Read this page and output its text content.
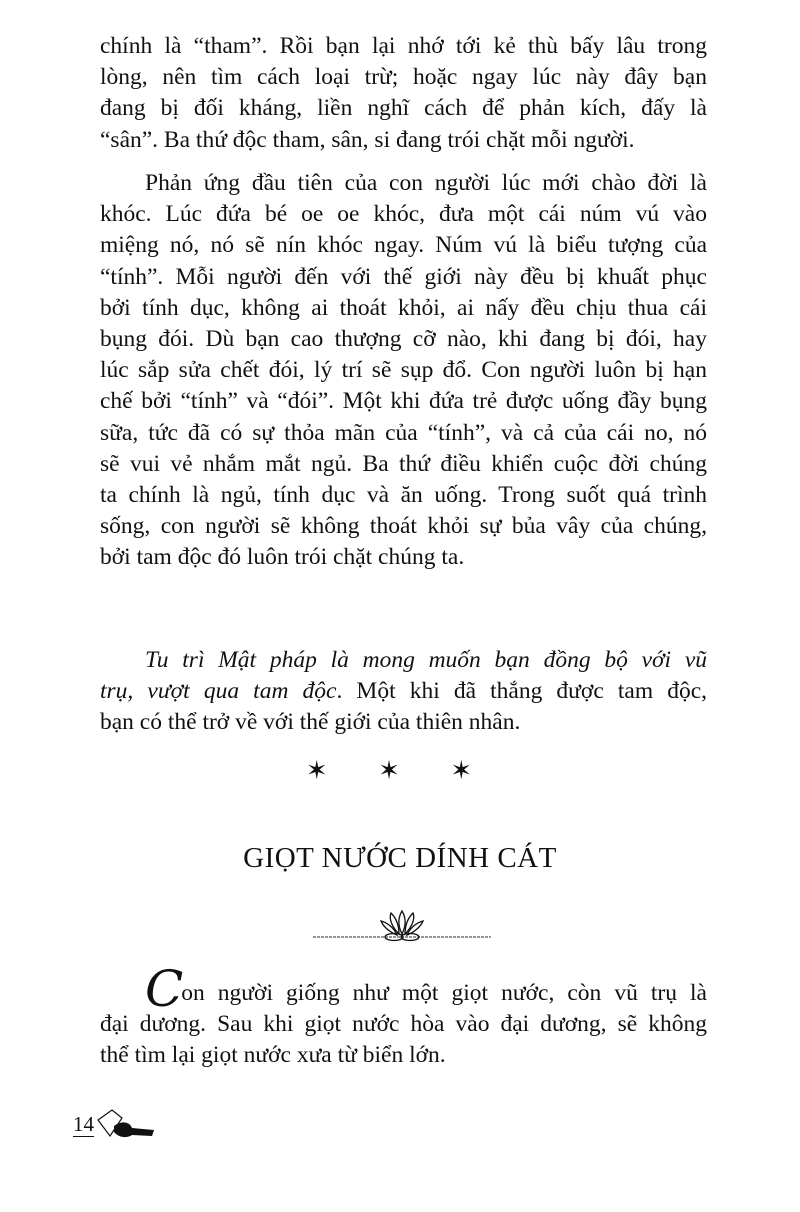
chính là “tham”. Rồi bạn lại nhớ tới kẻ thù bấy lâu trong
lòng, nên tìm cách loại trừ; hoặc ngay lúc này đây bạn
đang bị đối kháng, liền nghĩ cách để phản kích, đấy là
“sân”. Ba thứ độc tham, sân, si đang trói chặt mỗi người.
Phản ứng đầu tiên của con người lúc mới chào đời là
khóc. Lúc đứa bé oe oe khóc, đưa một cái núm vú vào
miệng nó, nó sẽ nín khóc ngay. Núm vú là biểu tượng của
“tính”. Mỗi người đến với thế giới này đều bị khuất phục
bởi tính dục, không ai thoát khỏi, ai nấy đều chịu thua cái
bụng đói. Dù bạn cao thượng cỡ nào, khi đang bị đói, hay
lúc sắp sửa chết đói, lý trí sẽ sụp đổ. Con người luôn bị hạn
chế bởi “tính” và “đói”. Một khi đứa trẻ được uống đầy bụng
sữa, tức đã có sự thỏa mãn của “tính”, và cả của cái no, nó
sẽ vui vẻ nhắm mắt ngủ. Ba thứ điều khiển cuộc đời chúng
ta chính là ngủ, tính dục và ăn uống. Trong suốt quá trình
sống, con người sẽ không thoát khỏi sự bủa vây của chúng,
bởi tam độc đó luôn trói chặt chúng ta.
Tu trì Mật pháp là mong muốn bạn đồng bộ với vũ
trụ, vượt qua tam độc. Một khi đã thắng được tam độc,
bạn có thể trở về với thế giới của thiên nhân.
✶ ✶ ✶
GIỌT NƯỚC DÍNH CÁT
Con người giống như một giọt nước, còn vũ trụ là
đại dương. Sau khi giọt nước hòa vào đại dương, sẽ không
thể tìm lại giọt nước xưa từ biển lớn.
14
